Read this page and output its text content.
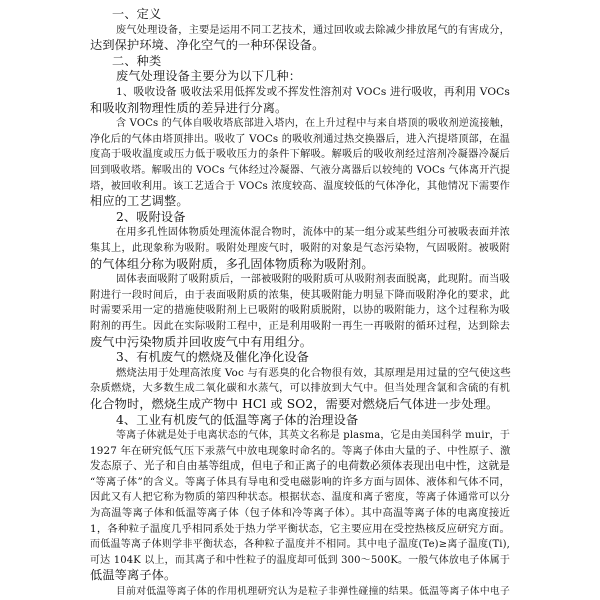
一、定义
废气处理设备，主要是运用不同工艺技术，通过回收或去除减少排放尾气的有害成分，
达到保护环境、净化空气的一种环保设备。
二、种类
废气处理设备主要分为以下几种：
1、吸收设备 吸收法采用低挥发或不挥发性溶剂对 VOCs 进行吸收，再利用 VOCs
和吸收剂物理性质的差异进行分离。
含 VOCs 的气体自吸收塔底部进入塔内，在上升过程中与来自塔顶的吸收剂逆流接触，
净化后的气体由塔顶排出。吸收了 VOCs 的吸收剂通过热交换器后，进入汽提塔顶部，在温
度高于吸收温度或压力低于吸收压力的条件下解吸。解吸后的吸收剂经过溶剂冷凝器冷凝后
回到吸收塔。解吸出的 VOCs 气体经过冷凝器、气液分离器后以较纯的 VOCs 气体离开汽提
塔，被回收利用。该工艺适合于 VOCs 浓度较高、温度较低的气体净化，其他情况下需要作
相应的工艺调整。
2、吸附设备
在用多孔性固体物质处理流体混合物时，流体中的某一组分或某些组分可被吸表面并浓
集其上，此现象称为吸附。吸附处理废气时，吸附的对象是气态污染物，气固吸附。被吸附
的气体组分称为吸附质，多孔固体物质称为吸附剂。
固体表面吸附了吸附质后，一部被吸附的吸附质可从吸附剂表面脱离，此现附。而当吸
附进行一段时间后，由于表面吸附质的浓集，使其吸附能力明显下降而吸附净化的要求，此
时需要采用一定的措施使吸附剂上已吸附的吸附质脱附，以协的吸附能力，这个过程称为吸
附剂的再生。因此在实际吸附工程中，正是利用吸附一再生一再吸附的循环过程，达到除去
废气中污染物质并回收废气中有用组分。
3、有机废气的燃烧及催化净化设备
燃烧法用于处理高浓度 Voc 与有恶臭的化合物很有效，其原理是用过量的空气使这些
杂质燃烧，大多数生成二氧化碳和水蒸气，可以排放到大气中。但当处理含氯和含硫的有机
化合物时，燃烧生成产物中 HCl 或 SO2，需要对燃烧后气体进一步处理。
4、工业有机废气的低温等离子体的治理设备
等离子体就是处于电离状态的气体，其英文名称是 plasma，它是由美国科学 muir，于
1927 年在研究低气压下汞蒸气中放电现象时命名的。等离子体由大量的子、中性原子、激
发态原子、光子和自由基等组成，但电子和正离子的电荷数必须体表现出电中性，这就是
“等离子体”的含义。等离子体具有导电和受电磁影响的许多方面与固体、液体和气体不同，
因此又有人把它称为物质的第四种状态。根据状态、温度和离子密度，等离子体通常可以分
为高温等离子体和低温等离子体（包子体和冷等离子体）。其中高温等离子体的电离度接近
1，各种粒子温度几乎相同系处于热力学平衡状态，它主要应用在受控热核反应研究方面。
而低温等离子体则学非平衡状态，各种粒子温度并不相同。其中电子温度(Te)≥离子温度(Ti),
可达 104K 以上，而其离子和中性粒子的温度却可低到 300～500K。一般气体放电子体属于
低温等离子体。
目前对低温等离子体的作用机理研究认为是粒子非弹性碰撞的结果。低温等离子体中电子
